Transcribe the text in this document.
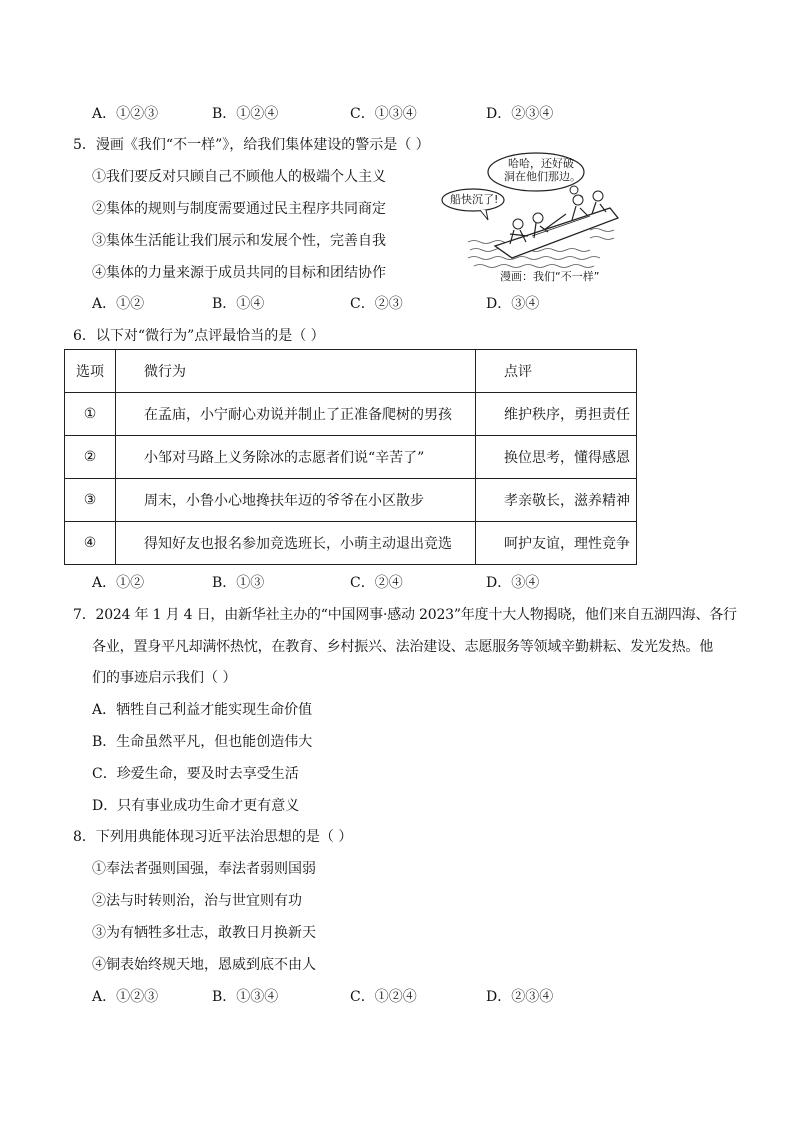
A．①②③	B．①②④	C．①③④	D．②③④
5．漫画《我们“不一样”》，给我们集体建设的警示是（ ）
①我们要反对只顾自己不顾他人的极端个人主义
②集体的规则与制度需要通过民主程序共同商定
③集体生活能让我们展示和发展个性，完善自我
④集体的力量来源于成员共同的目标和团结协作
哈哈，还好破
洞在他们那边。
船快沉了!
漫画：我们“不一样”
A．①②	B．①④	C．②③	D．③④
6．以下对“微行为”点评最恰当的是（ ）
选项	微行为	点评
①	在孟庙，小宁耐心劝说并制止了正准备爬树的男孩	维护秩序，勇担责任
②	小邹对马路上义务除冰的志愿者们说“辛苦了”	换位思考，懂得感恩
③	周末，小鲁小心地搀扶年迈的爷爷在小区散步	孝亲敬长，滋养精神
④	得知好友也报名参加竞选班长，小萌主动退出竞选	呵护友谊，理性竞争
A．①②	B．①③	C．②④	D．③④
7．2024 年 1 月 4 日，由新华社主办的“中国网事·感动 2023”年度十大人物揭晓，他们来自五湖四海、各行
各业，置身平凡却满怀热忱，在教育、乡村振兴、法治建设、志愿服务等领域辛勤耕耘、发光发热。他
们的事迹启示我们（ ）
A．牺牲自己利益才能实现生命价值
B．生命虽然平凡，但也能创造伟大
C．珍爱生命，要及时去享受生活
D．只有事业成功生命才更有意义
8．下列用典能体现习近平法治思想的是（ ）
①奉法者强则国强，奉法者弱则国弱
②法与时转则治，治与世宜则有功
③为有牺牲多壮志，敢教日月换新天
④铜表始终规天地，恩威到底不由人
A．①②③	B．①③④	C．①②④	D．②③④
